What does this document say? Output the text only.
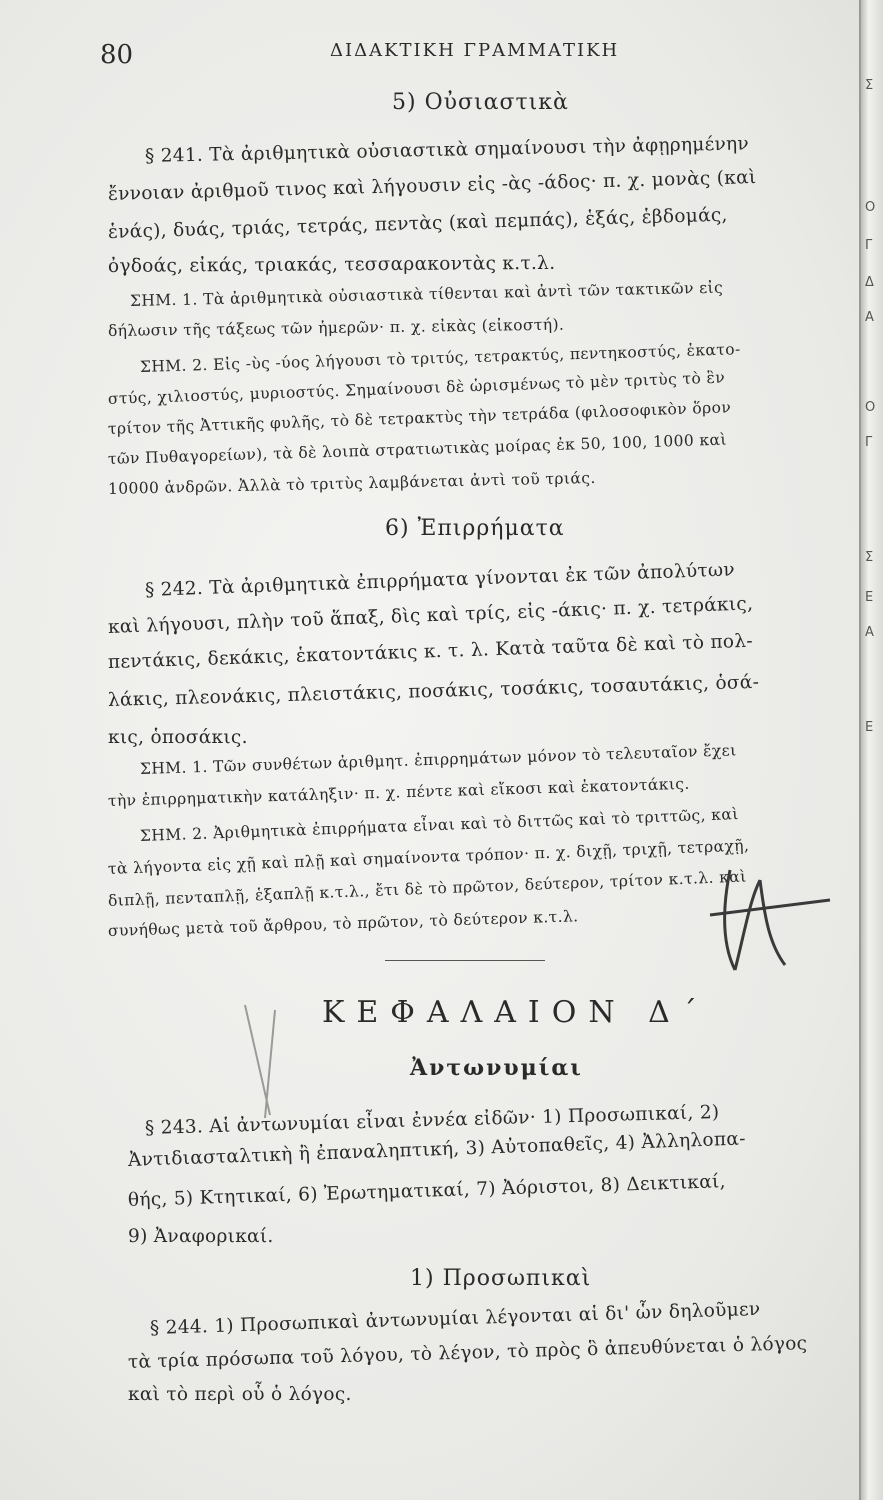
80	ΔΙΔΑΚΤΙΚΗ ΓΡΑΜΜΑΤΙΚΗ
5) Οὐσιαστικὰ
§ 241. Τὰ ἀριθμητικὰ οὐσιαστικὰ σημαίνουσι τὴν ἀφῃρημένην
ἔννοιαν ἀριθμοῦ τινος καὶ λήγουσιν εἰς -ὰς -άδος· π. χ. μονὰς (καὶ
ἑνάς), δυάς, τριάς, τετράς, πεντὰς (καὶ πεμπάς), ἑξάς, ἑβδομάς,
ὀγδοάς, εἰκάς, τριακάς, τεσσαρακοντὰς κ.τ.λ.
ΣΗΜ. 1. Τὰ ἀριθμητικὰ οὐσιαστικὰ τίθενται καὶ ἀντὶ τῶν τακτικῶν εἰς
δήλωσιν τῆς τάξεως τῶν ἡμερῶν· π. χ. εἰκὰς (εἰκοστή).
ΣΗΜ. 2. Εἰς -ὺς -ύος λήγουσι τὸ τριτύς, τετρακτύς, πεντηκοστύς, ἑκατο-
στύς, χιλιοστύς, μυριοστύς. Σημαίνουσι δὲ ὡρισμένως τὸ μὲν τριτὺς τὸ ἓν
τρίτον τῆς Ἀττικῆς φυλῆς, τὸ δὲ τετρακτὺς τὴν τετράδα (φιλοσοφικὸν ὅρον
τῶν Πυθαγορείων), τὰ δὲ λοιπὰ στρατιωτικὰς μοίρας ἐκ 50, 100, 1000 καὶ
10000 ἀνδρῶν. Ἀλλὰ τὸ τριτὺς λαμβάνεται ἀντὶ τοῦ τριάς.
6) Ἐπιρρήματα
§ 242. Τὰ ἀριθμητικὰ ἐπιρρήματα γίνονται ἐκ τῶν ἀπολύτων
καὶ λήγουσι, πλὴν τοῦ ἅπαξ, δὶς καὶ τρίς, εἰς -άκις· π. χ. τετράκις,
πεντάκις, δεκάκις, ἑκατοντάκις κ. τ. λ. Κατὰ ταῦτα δὲ καὶ τὸ πολ-
λάκις, πλεονάκις, πλειστάκις, ποσάκις, τοσάκις, τοσαυτάκις, ὁσά-
κις, ὁποσάκις.
ΣΗΜ. 1. Τῶν συνθέτων ἀριθμητ. ἐπιρρημάτων μόνον τὸ τελευταῖον ἔχει
τὴν ἐπιρρηματικὴν κατάληξιν· π. χ. πέντε καὶ εἴκοσι καὶ ἑκατοντάκις.
ΣΗΜ. 2. Ἀριθμητικὰ ἐπιρρήματα εἶναι καὶ τὸ διττῶς καὶ τὸ τριττῶς, καὶ
τὰ λήγοντα εἰς χῇ καὶ πλῇ καὶ σημαίνοντα τρόπον· π. χ. διχῇ, τριχῇ, τετραχῇ,
διπλῇ, πενταπλῇ, ἑξαπλῇ κ.τ.λ., ἔτι δὲ τὸ πρῶτον, δεύτερον, τρίτον κ.τ.λ. καὶ
συνήθως μετὰ τοῦ ἄρθρου, τὸ πρῶτον, τὸ δεύτερον κ.τ.λ.
ΚΕΦΑΛΑΙΟΝ Δ΄
Ἀντωνυμίαι
§ 243. Αἱ ἀντωνυμίαι εἶναι ἐννέα εἰδῶν· 1) Προσωπικαί, 2)
Ἀντιδιασταλτικὴ ἢ ἐπαναληπτική, 3) Αὐτοπαθεῖς, 4) Ἀλληλοπα-
θής, 5) Κτητικαί, 6) Ἐρωτηματικαί, 7) Ἀόριστοι, 8) Δεικτικαί,
9) Ἀναφορικαί.
1) Προσωπικαὶ
§ 244. 1) Προσωπικαὶ ἀντωνυμίαι λέγονται αἱ δι' ὧν δηλοῦμεν
τὰ τρία πρόσωπα τοῦ λόγου, τὸ λέγον, τὸ πρὸς ὃ ἀπευθύνεται ὁ λόγος
καὶ τὸ περὶ οὗ ὁ λόγος.
Σ
Ο
Γ
Δ
Α
Ο
Γ
Σ
Ε
Α
Ε
